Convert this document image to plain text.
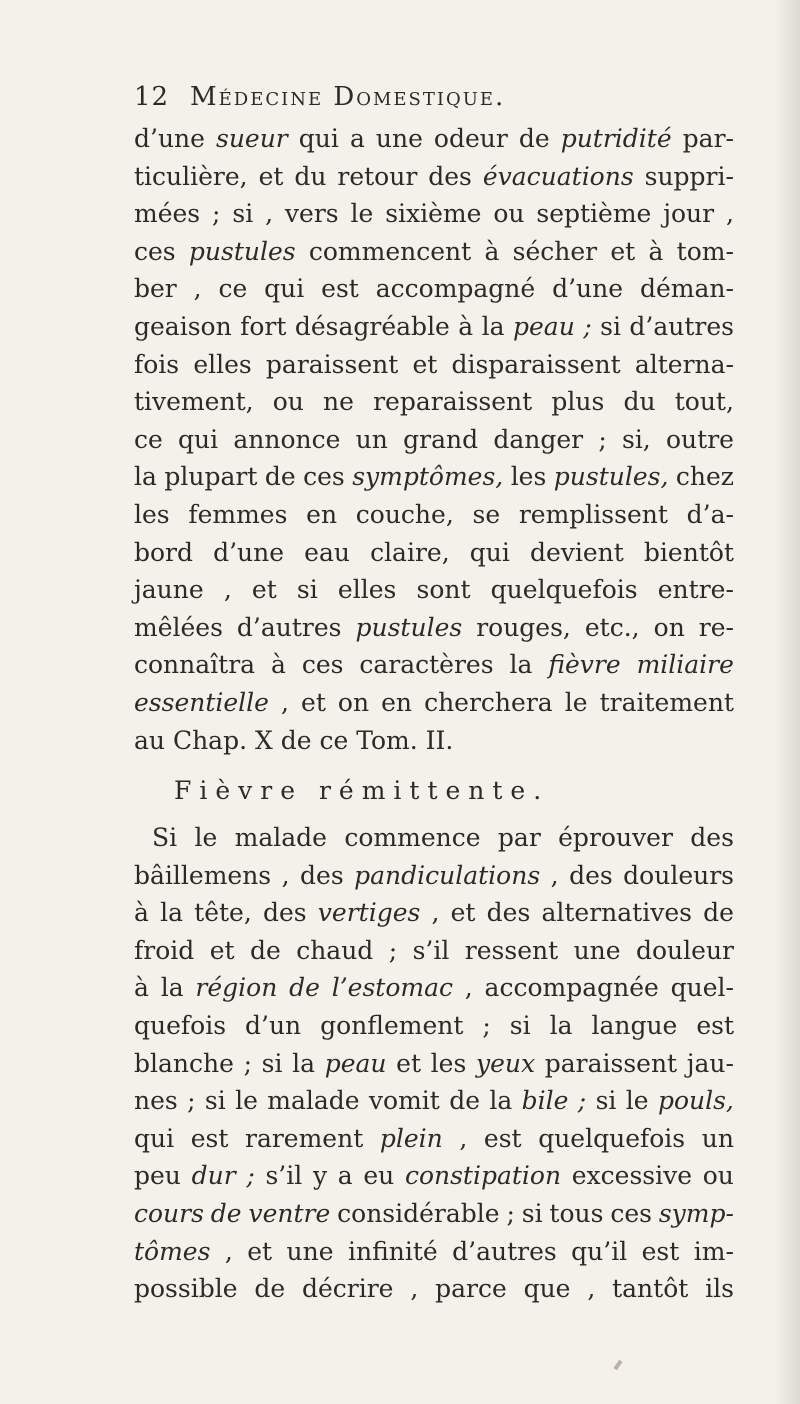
12 Médecine Domestique.
d’une sueur qui a une odeur de putridité par-
ticulière, et du retour des évacuations suppri-
mées ; si , vers le sixième ou septième jour ,
ces pustules commencent à sécher et à tom-
ber , ce qui est accompagné d’une déman-
geaison fort désagréable à la peau ; si d’autres
fois elles paraissent et disparaissent alterna-
tivement, ou ne reparaissent plus du tout,
ce qui annonce un grand danger ; si, outre
la plupart de ces symptômes, les pustules, chez
les femmes en couche, se remplissent d’a-
bord d’une eau claire, qui devient bientôt
jaune , et si elles sont quelquefois entre-
mêlées d’autres pustules rouges, etc., on re-
connaîtra à ces caractères la fièvre miliaire
essentielle , et on en cherchera le traitement
au Chap. X de ce Tom. II.
Fièvre rémittente.
Si le malade commence par éprouver des
bâillemens , des pandiculations , des douleurs
à la tête, des vertiges , et des alternatives de
froid et de chaud ; s’il ressent une douleur
à la région de l’estomac , accompagnée quel-
quefois d’un gonflement ; si la langue est
blanche ; si la peau et les yeux paraissent jau-
nes ; si le malade vomit de la bile ; si le pouls,
qui est rarement plein , est quelquefois un
peu dur ; s’il y a eu constipation excessive ou
cours de ventre considérable ; si tous ces symp-
tômes , et une infinité d’autres qu’il est im-
possible de décrire , parce que , tantôt ils
